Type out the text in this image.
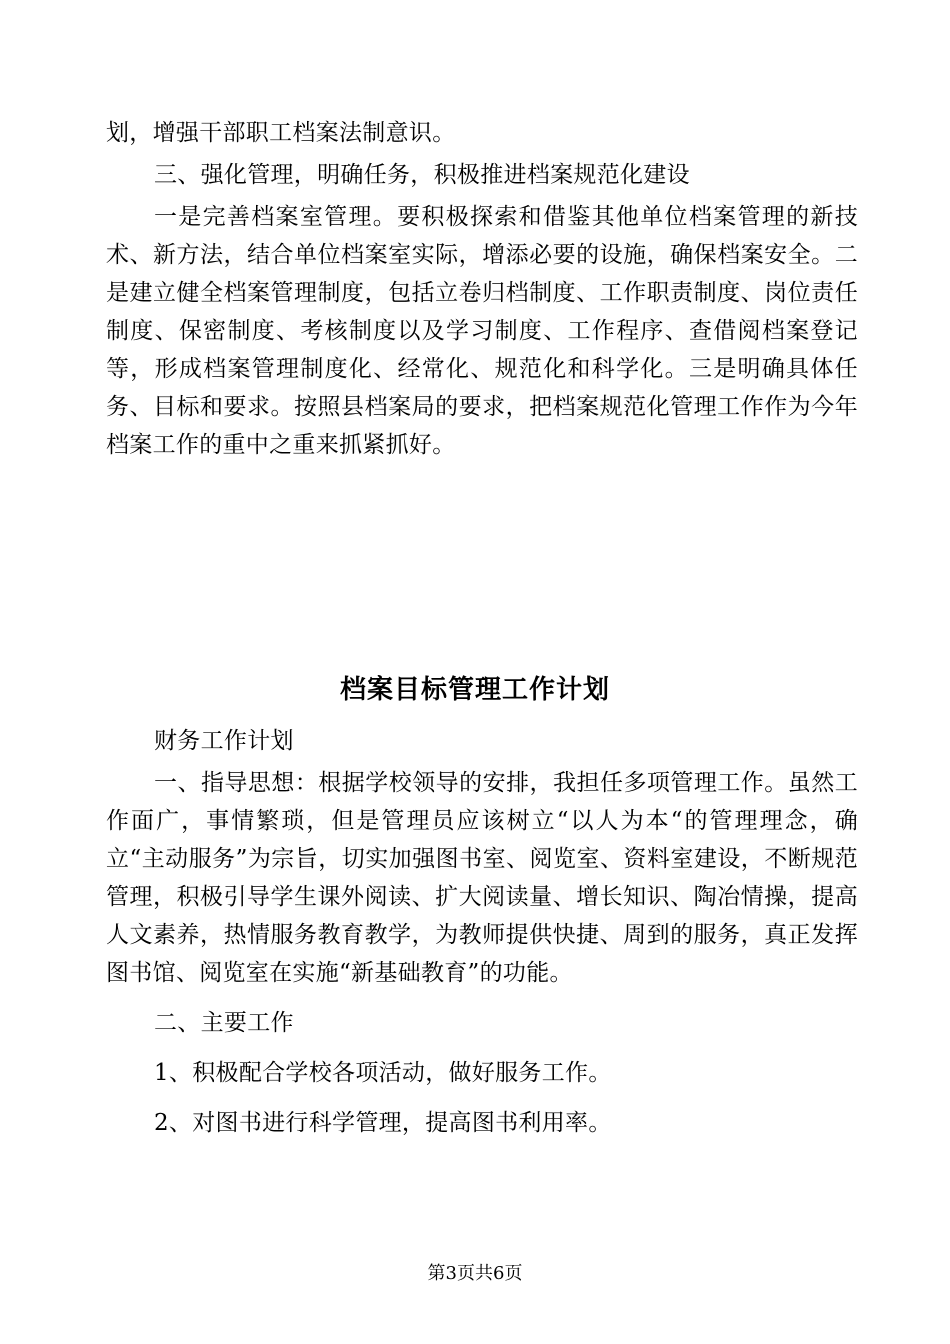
划，增强干部职工档案法制意识。

三、强化管理，明确任务，积极推进档案规范化建设

一是完善档案室管理。要积极探索和借鉴其他单位档案管理的新技术、新方法，结合单位档案室实际，增添必要的设施，确保档案安全。二是建立健全档案管理制度，包括立卷归档制度、工作职责制度、岗位责任制度、保密制度、考核制度以及学习制度、工作程序、查借阅档案登记等，形成档案管理制度化、经常化、规范化和科学化。三是明确具体任务、目标和要求。按照县档案局的要求，把档案规范化管理工作作为今年档案工作的重中之重来抓紧抓好。

档案目标管理工作计划

财务工作计划

一、指导思想：根据学校领导的安排，我担任多项管理工作。虽然工作面广，事情繁琐，但是管理员应该树立“以人为本“的管理理念，确立“主动服务”为宗旨，切实加强图书室、阅览室、资料室建设，不断规范管理，积极引导学生课外阅读、扩大阅读量、增长知识、陶冶情操，提高人文素养，热情服务教育教学，为教师提供快捷、周到的服务，真正发挥图书馆、阅览室在实施“新基础教育”的功能。

二、主要工作

1、积极配合学校各项活动，做好服务工作。

2、对图书进行科学管理，提高图书利用率。

第3页共6页
